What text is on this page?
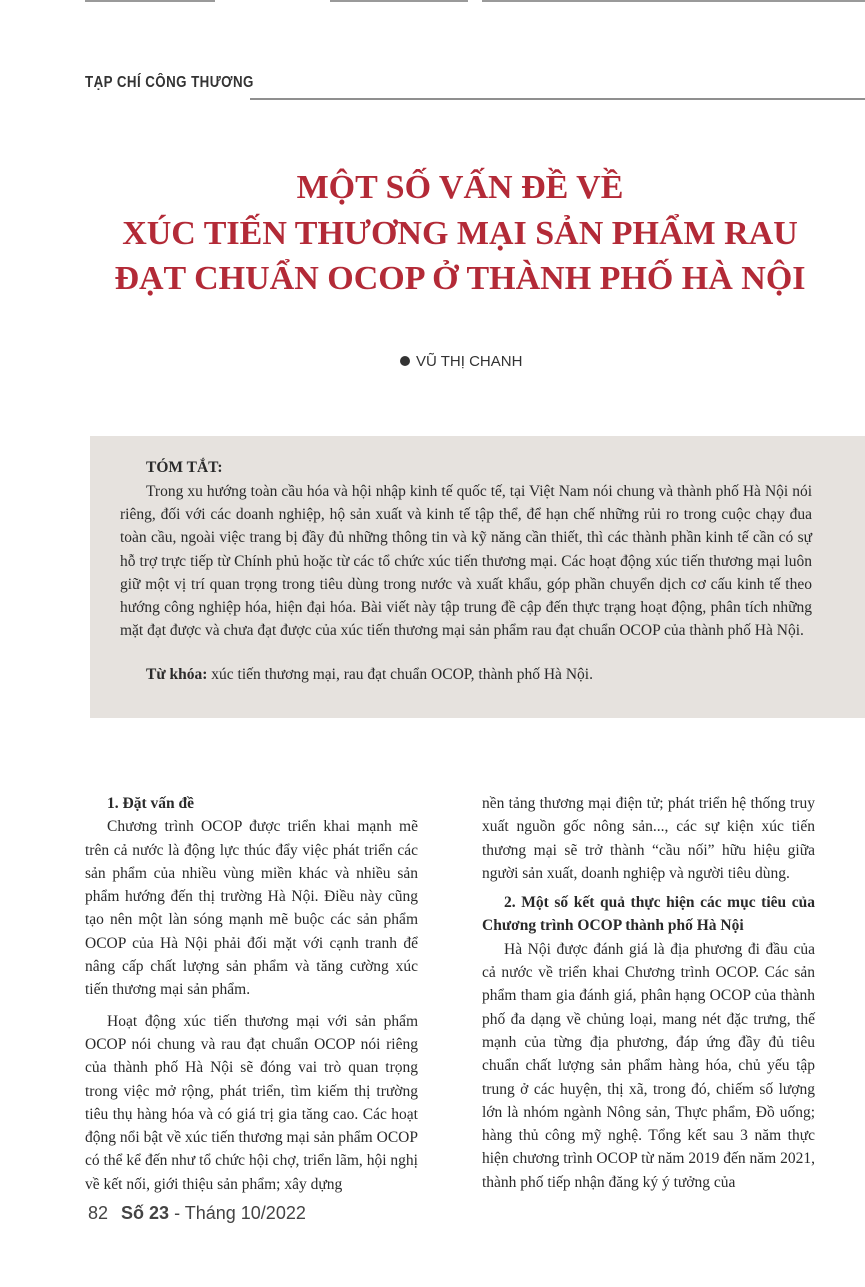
TẠP CHÍ CÔNG THƯƠNG
MỘT SỐ VẤN ĐỀ VỀ
XÚC TIẾN THƯƠNG MẠI SẢN PHẨM RAU
ĐẠT CHUẨN OCOP Ở THÀNH PHỐ HÀ NỘI
VŨ THỊ CHANH
TÓM TẮT:
Trong xu hướng toàn cầu hóa và hội nhập kinh tế quốc tế, tại Việt Nam nói chung và thành phố Hà Nội nói riêng, đối với các doanh nghiệp, hộ sản xuất và kinh tế tập thể, để hạn chế những rủi ro trong cuộc chạy đua toàn cầu, ngoài việc trang bị đầy đủ những thông tin và kỹ năng cần thiết, thì các thành phần kinh tế cần có sự hỗ trợ trực tiếp từ Chính phủ hoặc từ các tổ chức xúc tiến thương mại. Các hoạt động xúc tiến thương mại luôn giữ một vị trí quan trọng trong tiêu dùng trong nước và xuất khẩu, góp phần chuyển dịch cơ cấu kinh tế theo hướng công nghiệp hóa, hiện đại hóa. Bài viết này tập trung đề cập đến thực trạng hoạt động, phân tích những mặt đạt được và chưa đạt được của xúc tiến thương mại sản phẩm rau đạt chuẩn OCOP của thành phố Hà Nội.
Từ khóa: xúc tiến thương mại, rau đạt chuẩn OCOP, thành phố Hà Nội.
1. Đặt vấn đề

Chương trình OCOP được triển khai mạnh mẽ trên cả nước là động lực thúc đẩy việc phát triển các sản phẩm của nhiều vùng miền khác và nhiều sản phẩm hướng đến thị trường Hà Nội. Điều này cũng tạo nên một làn sóng mạnh mẽ buộc các sản phẩm OCOP của Hà Nội phải đối mặt với cạnh tranh để nâng cấp chất lượng sản phẩm và tăng cường xúc tiến thương mại sản phẩm.

Hoạt động xúc tiến thương mại với sản phẩm OCOP nói chung và rau đạt chuẩn OCOP nói riêng của thành phố Hà Nội sẽ đóng vai trò quan trọng trong việc mở rộng, phát triển, tìm kiếm thị trường tiêu thụ hàng hóa và có giá trị gia tăng cao. Các hoạt động nổi bật về xúc tiến thương mại sản phẩm OCOP có thể kể đến như tổ chức hội chợ, triển lãm, hội nghị về kết nối, giới thiệu sản phẩm; xây dựng

nền tảng thương mại điện tử; phát triển hệ thống truy xuất nguồn gốc nông sản..., các sự kiện xúc tiến thương mại sẽ trở thành “cầu nối” hữu hiệu giữa người sản xuất, doanh nghiệp và người tiêu dùng.

2. Một số kết quả thực hiện các mục tiêu của Chương trình OCOP thành phố Hà Nội

Hà Nội được đánh giá là địa phương đi đầu của cả nước về triển khai Chương trình OCOP. Các sản phẩm tham gia đánh giá, phân hạng OCOP của thành phố đa dạng về chủng loại, mang nét đặc trưng, thế mạnh của từng địa phương, đáp ứng đầy đủ tiêu chuẩn chất lượng sản phẩm hàng hóa, chủ yếu tập trung ở các huyện, thị xã, trong đó, chiếm số lượng lớn là nhóm ngành Nông sản, Thực phẩm, Đồ uống; hàng thủ công mỹ nghệ. Tổng kết sau 3 năm thực hiện chương trình OCOP từ năm 2019 đến năm 2021, thành phố tiếp nhận đăng ký ý tưởng của

82 Số 23 - Tháng 10/2022
